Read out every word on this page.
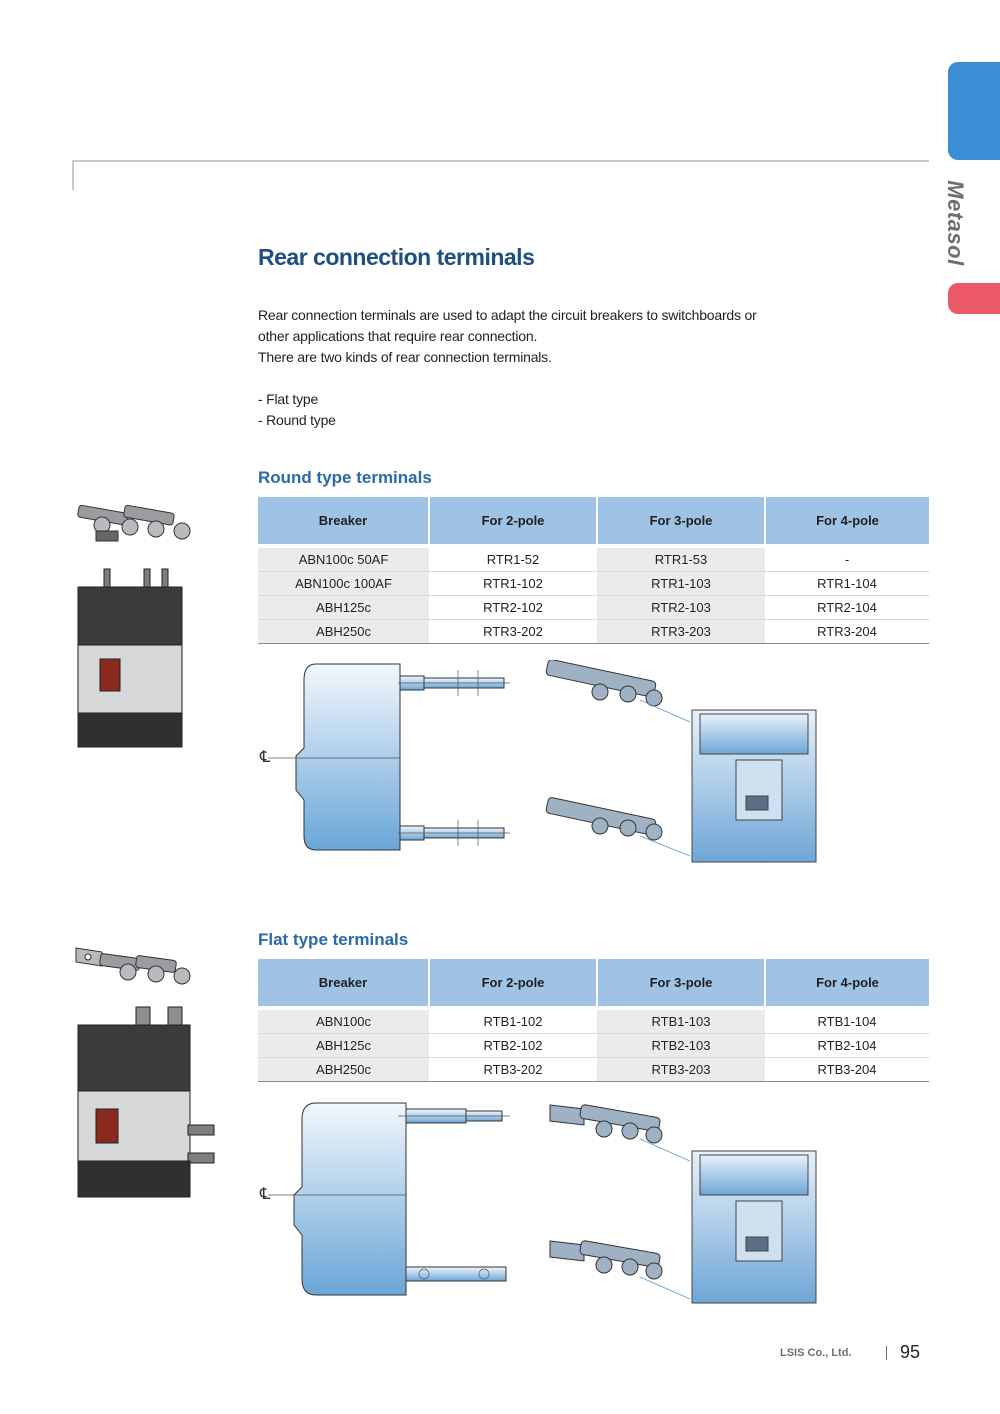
Metasol
Rear connection terminals

Rear connection terminals are used to adapt the circuit breakers to switchboards or

other applications that require rear connection.

There are two kinds of rear connection terminals.

- Flat type

- Round type

Round type terminals
Breaker	For 2-pole	For 3-pole	For 4-pole

ABN100c 50AF	RTR1-52	RTR1-53	-
ABN100c 100AF	RTR1-102	RTR1-103	RTR1-104
ABH125c	RTR2-102	RTR2-103	RTR2-104
ABH250c	RTR3-202	RTR3-203	RTR3-204
℄
Flat type terminals
Breaker	For 2-pole	For 3-pole	For 4-pole

ABN100c	RTB1-102	RTB1-103	RTB1-104
ABH125c	RTB2-102	RTB2-103	RTB2-104
ABH250c	RTB3-202	RTB3-203	RTB3-204
℄
LSIS Co., Ltd.	95
